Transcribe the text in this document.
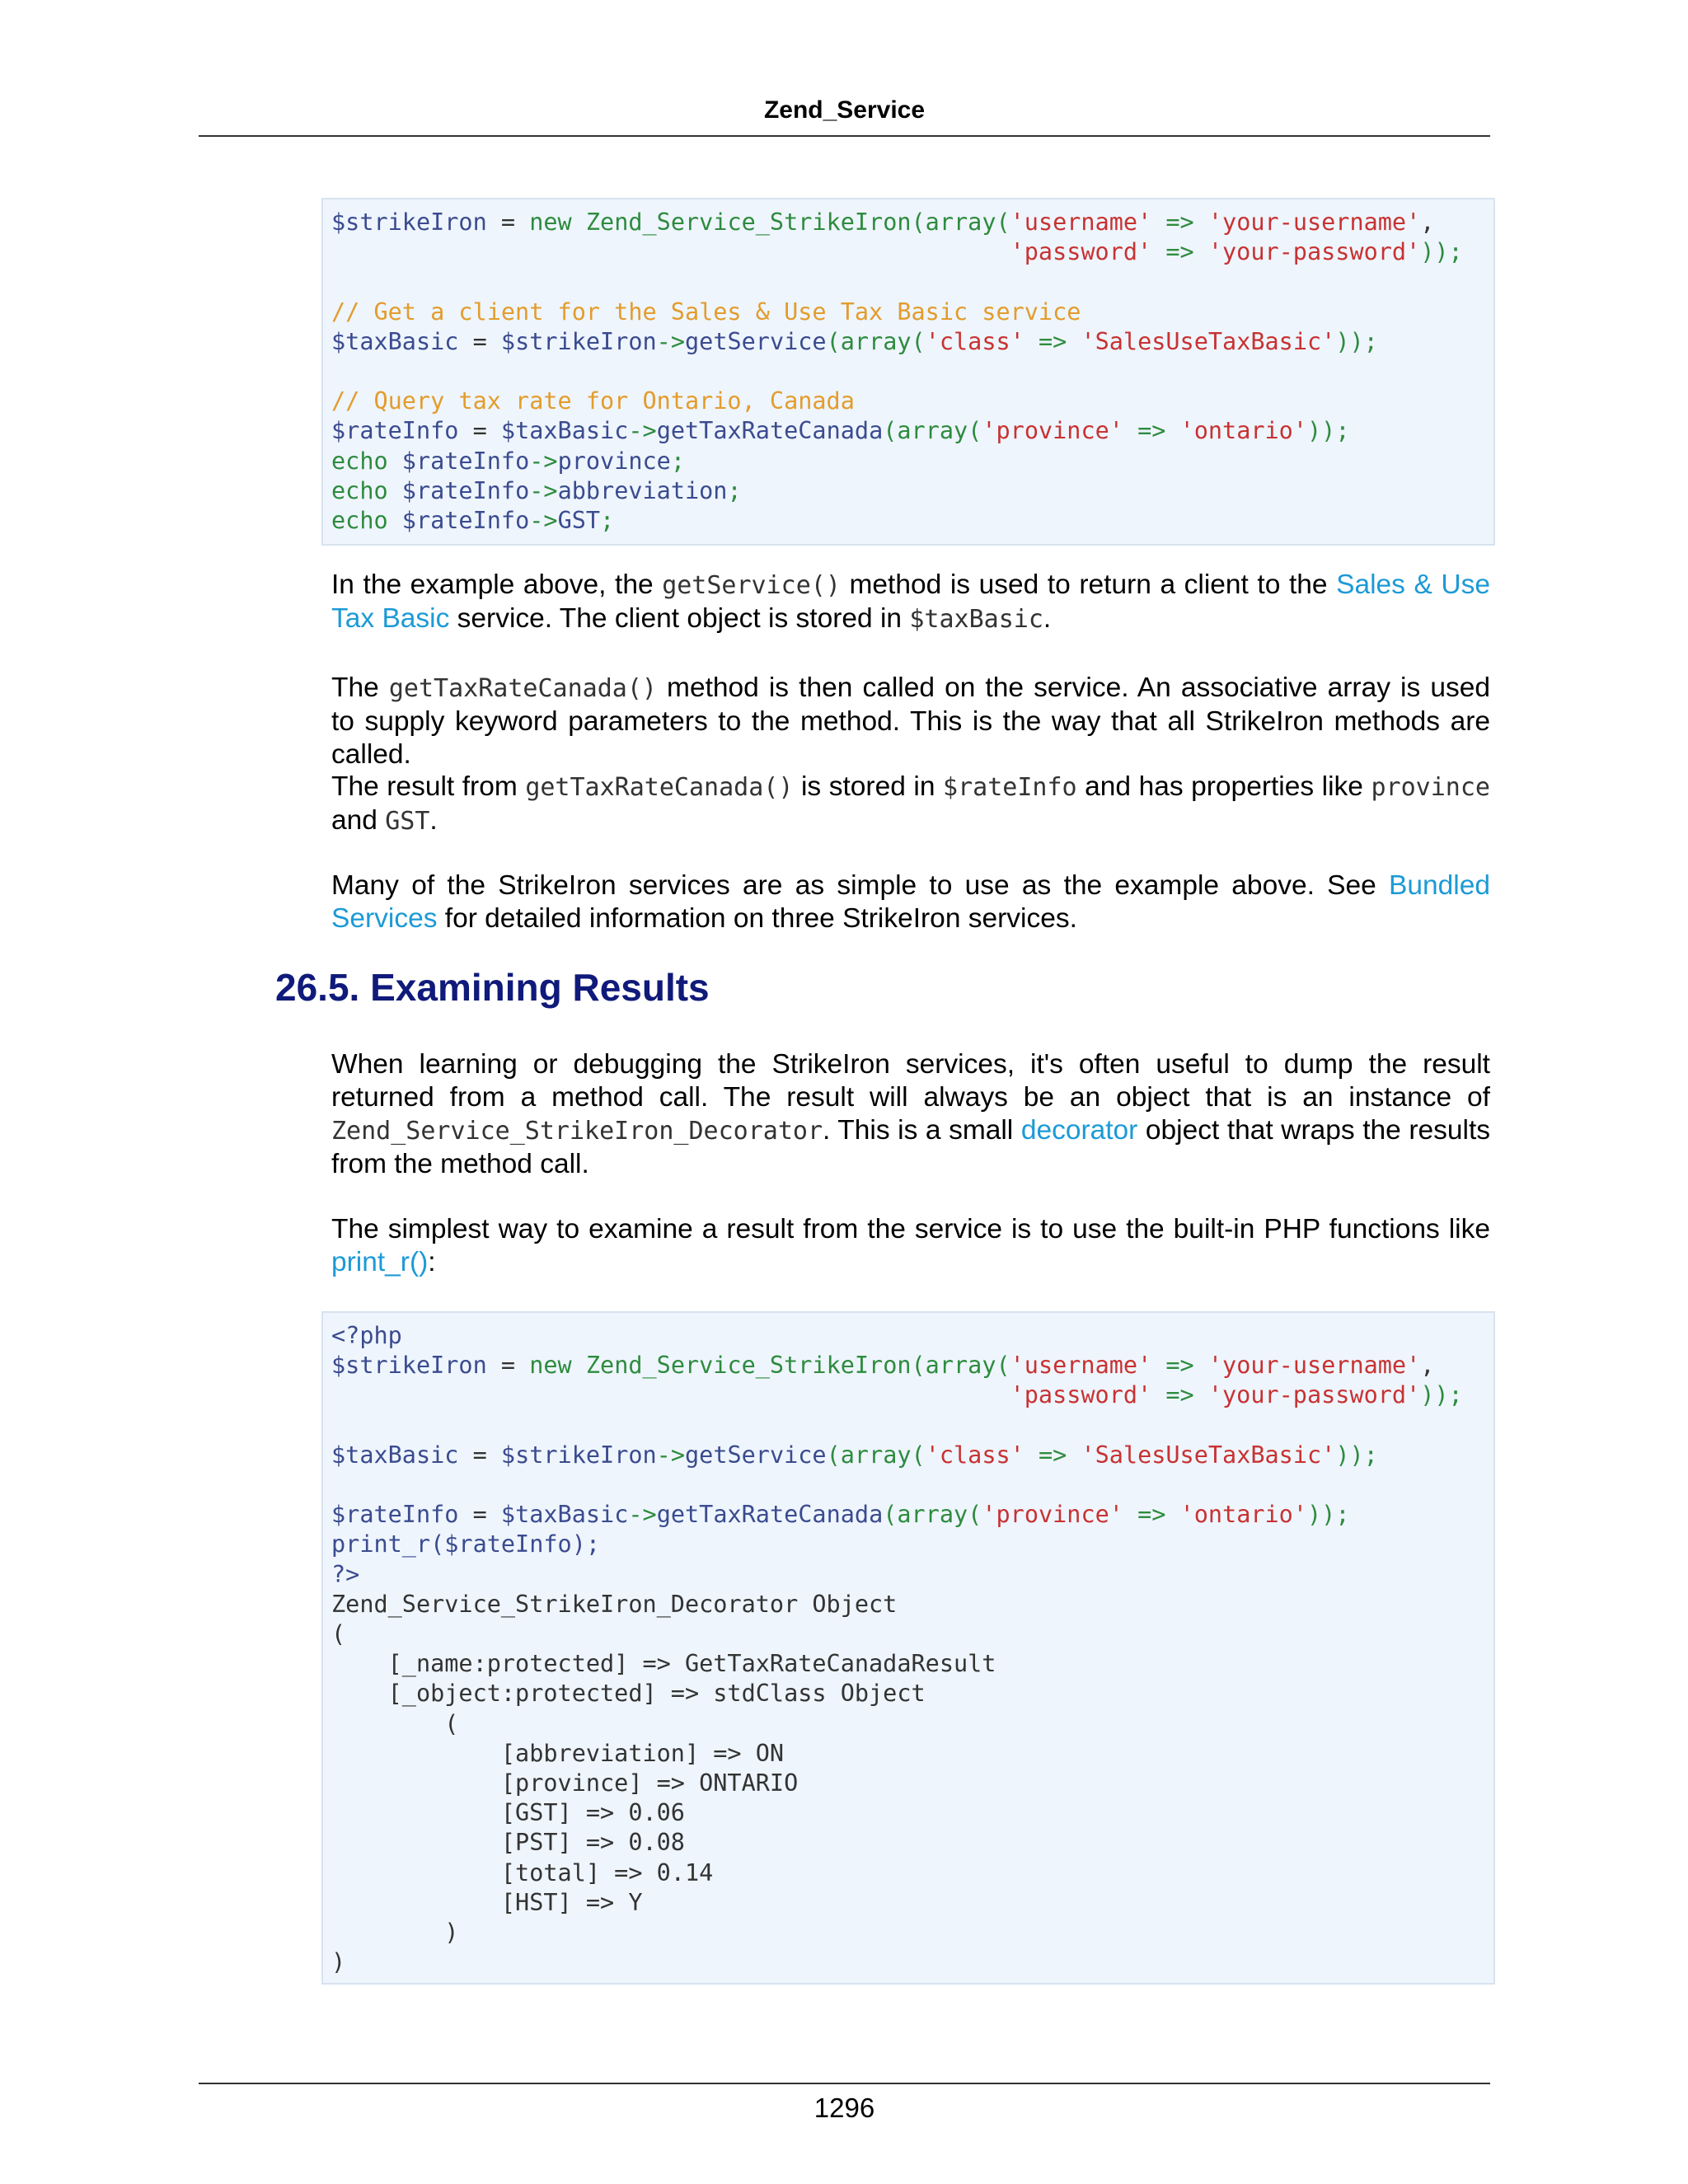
Zend_Service
$strikeIron = new Zend_Service_StrikeIron(array('username' => 'your-username',
'password' => 'your-password'));

// Get a client for the Sales & Use Tax Basic service
$taxBasic = $strikeIron->getService(array('class' => 'SalesUseTaxBasic'));

// Query tax rate for Ontario, Canada
$rateInfo = $taxBasic->getTaxRateCanada(array('province' => 'ontario'));
echo $rateInfo->province;
echo $rateInfo->abbreviation;
echo $rateInfo->GST;
In the example above, the getService() method is used to return a client to the Sales & Use Tax Basic service. The client object is stored in $taxBasic.
The getTaxRateCanada() method is then called on the service. An associative array is used to supply keyword parameters to the method. This is the way that all StrikeIron methods are called.
The result from getTaxRateCanada() is stored in $rateInfo and has properties like province and GST.
Many of the StrikeIron services are as simple to use as the example above. See Bundled Services for detailed information on three StrikeIron services.
26.5. Examining Results
When learning or debugging the StrikeIron services, it's often useful to dump the result returned from a method call. The result will always be an object that is an instance of Zend_Service_StrikeIron_Decorator. This is a small decorator object that wraps the results from the method call.
The simplest way to examine a result from the service is to use the built-in PHP functions like print_r():
<?php
$strikeIron = new Zend_Service_StrikeIron(array('username' => 'your-username',
'password' => 'your-password'));

$taxBasic = $strikeIron->getService(array('class' => 'SalesUseTaxBasic'));

$rateInfo = $taxBasic->getTaxRateCanada(array('province' => 'ontario'));
print_r($rateInfo);
?>
Zend_Service_StrikeIron_Decorator Object
(
[_name:protected] => GetTaxRateCanadaResult
[_object:protected] => stdClass Object
(
[abbreviation] => ON
[province] => ONTARIO
[GST] => 0.06
[PST] => 0.08
[total] => 0.14
[HST] => Y
)
)
1296
